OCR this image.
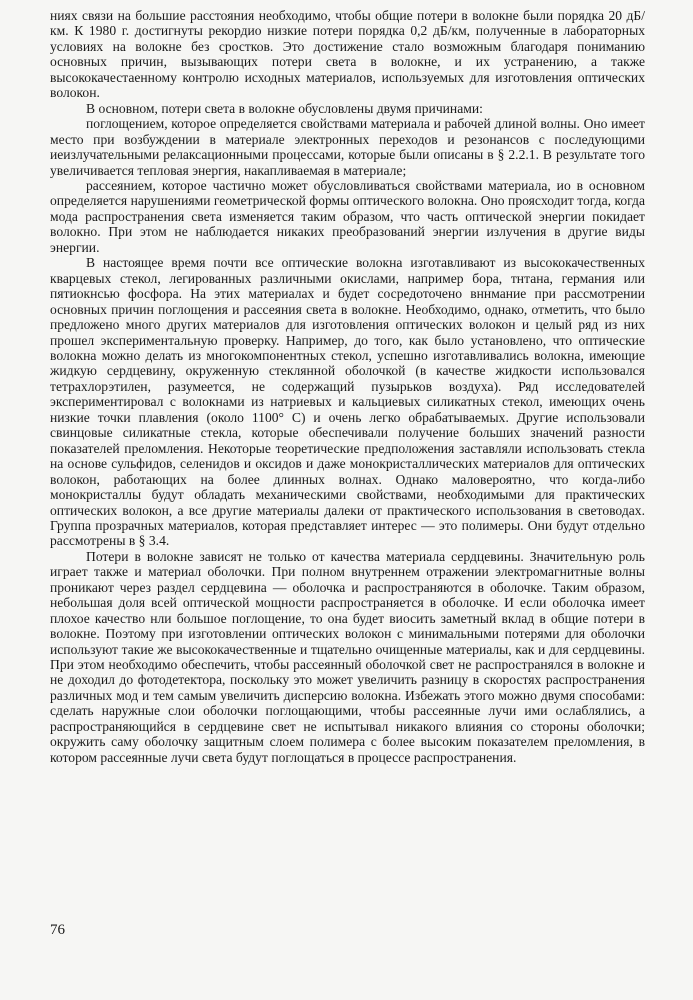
ниях связи на большие расстояния необходимо, чтобы общие потери в волокне были порядка 20 дБ/км. К 1980 г. достигнуты рекордио низкие потери порядка 0,2 дБ/км, полученные в лабораторных условиях на волокне без сростков. Это достижение стало возможным благодаря пониманию основных причин, вызывающих потери света в волокне, и их устранению, а также высококачестаенному контролю исходных материалов, используемых для изготовления оптических волокон.

В основном, потери света в волокне обусловлены двумя причинами:

поглощением, которое определяется свойствами материала и рабочей длиной волны. Оно имеет место при возбуждении в материале электронных переходов и резонансов с последующими иеизлучательными релаксационными процессами, которые были описаны в § 2.2.1. В результате того увеличивается тепловая энергия, накапливаемая в материале;

рассеянием, которое частично может обусловливаться свойствами материала, ио в основном определяется нарушениями геометрической формы оптического волокна. Оно прояcходит тогда, когда мода распространения света изменяется таким образом, что часть оптической энергии покидает волокно. При этом не наблюдается никаких преобразований энергии излучения в другие виды энергии.

В настоящее время почти все оптические волокна изготавливают из высококачественных кварцевых стекол, легированных различными окислами, например бора, тнтана, германия или пятиокнсью фосфора. На этих материалах и будет сосредоточено вннмание при рассмотрении основных причин поглощения и рассеяния света в волокне. Необходимо, однако, отметить, что было предложено много других материалов для изготовления оптических волокон и целый ряд из них прошел экспериментальную проверку. Например, до того, как было установлено, что оптические волокна можно делать из многокомпонентных стекол, успешно изготавливались волокна, имеющие жидкую сердцевину, окруженную стеклянной оболочкой (в качестве жидкости использовался тетрахлорэтилен, разумеется, не содержащий пузырьков воздуха). Ряд исследователей экспериментировал с волокнами из натриевых и кальциевых силикатных стекол, имеющих очень низкие точки плавления (около 1100° С) и очень легко обрабатываемых. Другие использовали свинцовые силикатные стекла, которые обеспечивали получение больших значений разности показателей преломления. Некоторые теоретические предположения заставляли использовать стекла на основе сульфидов, селенидов и оксидов и даже монокристаллических материалов для оптических волокон, работающих на более длинных волнах. Однако маловероятно, что когда-либо монокристаллы будут обладать механическими свойствами, необходимыми для практических оптических волокон, а все другие материалы далеки от практического использования в световодах. Группа прозрачных материалов, которая представляет интерес — это полимеры. Они будут отдельно рассмотрены в § 3.4.

Потери в волокне зависят не только от качества материала сердцевины. Значительную роль играет также и материал оболочки. При полном внутреннем отражении электромагнитные волны проникают через раздел сердцевина — оболочка и распространяются в оболочке. Таким образом, небольшая доля всей оптической мощности распространяется в оболочке. И если оболочка имеет плохое качество нли большое поглощение, то она будет виосить заметный вклад в общие потери в волокне. Поэтому при изготовлении оптических волокон с минимальными потерями для оболочки используют такие же высококачественные и тщательно очищенные материалы, как и для сердцевины. При этом необходимо обеспечить, чтобы рассеянный оболочкой свет не распространялся в волокне и не доходил до фотодетектора, поскольку это может увеличить разницу в скоростях распространения различных мод и тем самым увеличить дисперсию волокна. Избежать этого можно двумя способами: сделать наружные слои оболочки поглощающими, чтобы рассеянные лучи ими ослаблялись, а распространяющийся в сердцевине свет не испытывал никакого влияния со стороны оболочки; окружить саму оболочку защитным слоем полимера с более высоким показателем преломления, в котором рассеянные лучи света будут поглощаться в процессе распространения.

76
